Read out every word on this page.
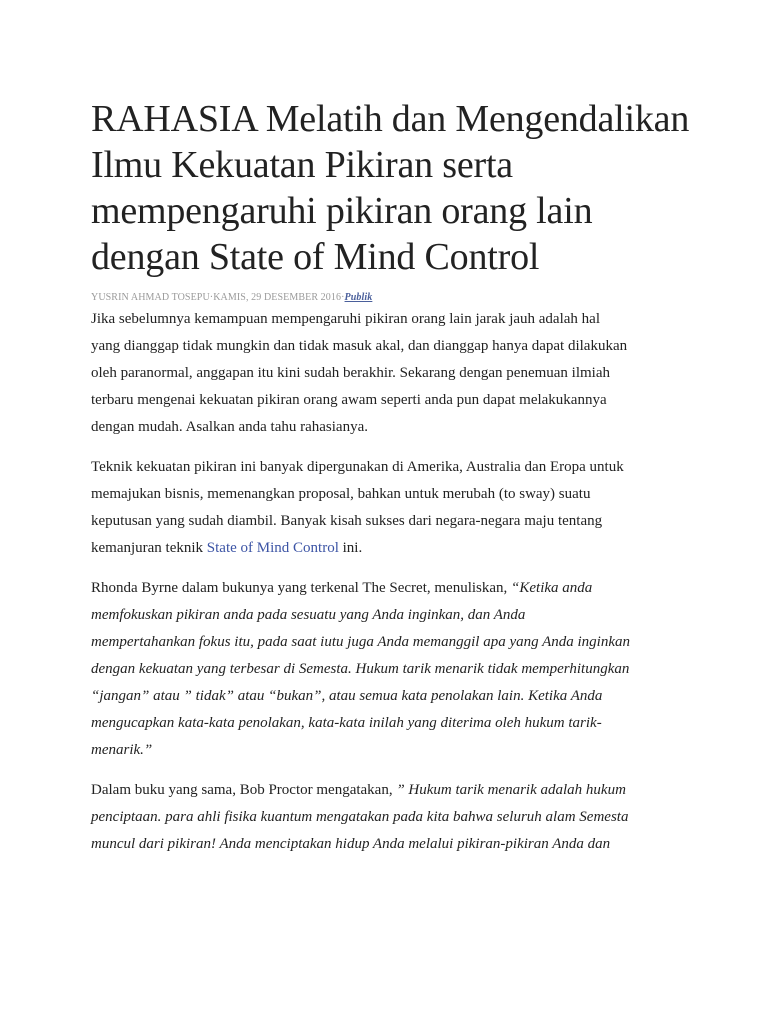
RAHASIA Melatih dan Mengendalikan Ilmu Kekuatan Pikiran serta mempengaruhi pikiran orang lain dengan State of Mind Control
YUSRIN AHMAD TOSEPU·KAMIS, 29 DESEMBER 2016·Publik

Jika sebelumnya kemampuan mempengaruhi pikiran orang lain jarak jauh adalah hal

yang dianggap tidak mungkin dan tidak masuk akal, dan dianggap hanya dapat dilakukan

oleh paranormal, anggapan itu kini sudah berakhir. Sekarang dengan penemuan ilmiah

terbaru mengenai kekuatan pikiran orang awam seperti anda pun dapat melakukannya

dengan mudah. Asalkan anda tahu rahasianya.

Teknik kekuatan pikiran ini banyak dipergunakan di Amerika, Australia dan Eropa untuk

memajukan bisnis, memenangkan proposal, bahkan untuk merubah (to sway) suatu

keputusan yang sudah diambil. Banyak kisah sukses dari negara-negara maju tentang

kemanjuran teknik State of Mind Control ini.

Rhonda Byrne dalam bukunya yang terkenal The Secret, menuliskan, “Ketika anda

memfokuskan pikiran anda pada sesuatu yang Anda inginkan, dan Anda

mempertahankan fokus itu, pada saat iutu juga Anda memanggil apa yang Anda inginkan

dengan kekuatan yang terbesar di Semesta. Hukum tarik menarik tidak memperhitungkan

“jangan” atau ” tidak” atau “bukan”, atau semua kata penolakan lain. Ketika Anda

mengucapkan kata-kata penolakan, kata-kata inilah yang diterima oleh hukum tarik-

menarik.”

Dalam buku yang sama, Bob Proctor mengatakan, ” Hukum tarik menarik adalah hukum

penciptaan. para ahli fisika kuantum mengatakan pada kita bahwa seluruh alam Semesta

muncul dari pikiran! Anda menciptakan hidup Anda melalui pikiran-pikiran Anda dan
